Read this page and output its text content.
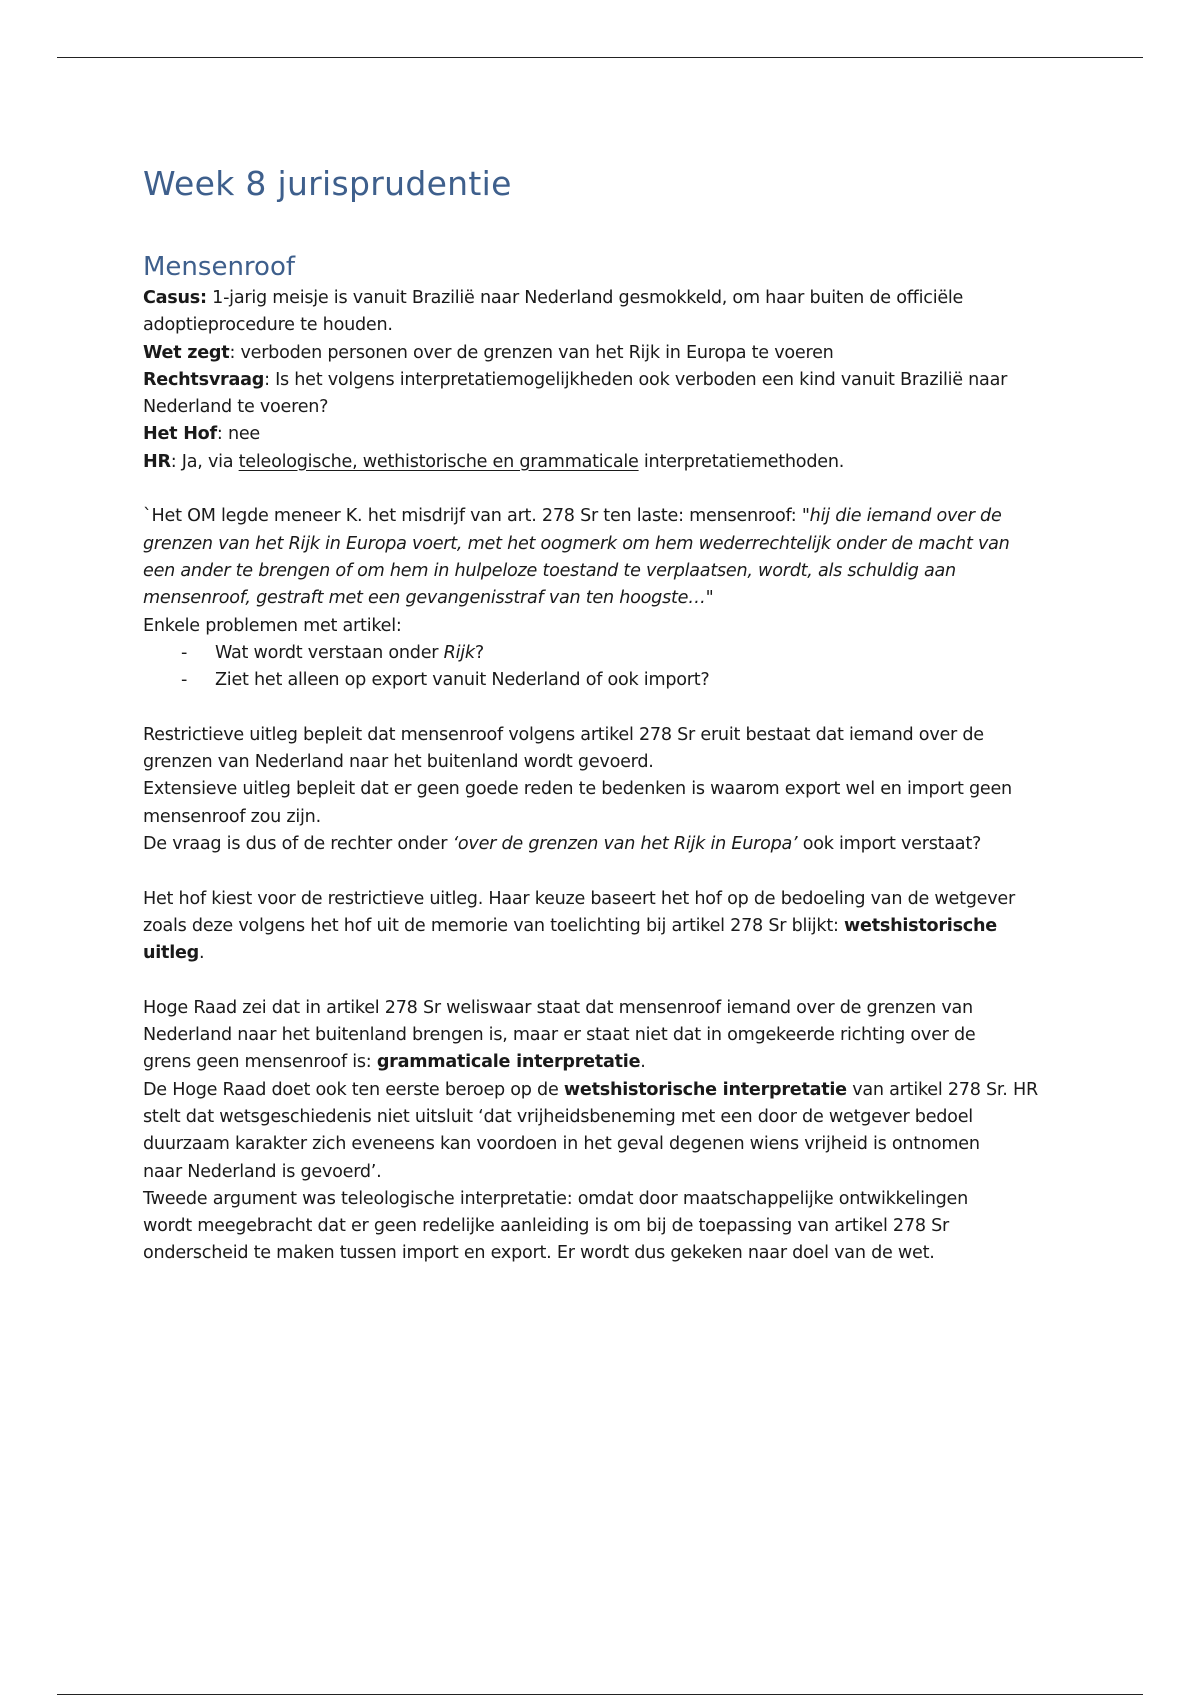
Week 8 jurisprudentie
Mensenroof

Casus: 1-jarig meisje is vanuit Brazilië naar Nederland gesmokkeld, om haar buiten de officiële

adoptieprocedure te houden.

Wet zegt: verboden personen over de grenzen van het Rijk in Europa te voeren

Rechtsvraag: Is het volgens interpretatiemogelijkheden ook verboden een kind vanuit Brazilië naar

Nederland te voeren?

Het Hof: nee

HR: Ja, via teleologische, wethistorische en grammaticale interpretatiemethoden.

`Het OM legde meneer K. het misdrijf van art. 278 Sr ten laste: mensenroof: "hij die iemand over de

grenzen van het Rijk in Europa voert, met het oogmerk om hem wederrechtelijk onder de macht van

een ander te brengen of om hem in hulpeloze toestand te verplaatsen, wordt, als schuldig aan

mensenroof, gestraft met een gevangenisstraf van ten hoogste…"

Enkele problemen met artikel:

- Wat wordt verstaan onder Rijk?
- Ziet het alleen op export vanuit Nederland of ook import?

Restrictieve uitleg bepleit dat mensenroof volgens artikel 278 Sr eruit bestaat dat iemand over de

grenzen van Nederland naar het buitenland wordt gevoerd.

Extensieve uitleg bepleit dat er geen goede reden te bedenken is waarom export wel en import geen

mensenroof zou zijn.

De vraag is dus of de rechter onder ‘over de grenzen van het Rijk in Europa’ ook import verstaat?

Het hof kiest voor de restrictieve uitleg. Haar keuze baseert het hof op de bedoeling van de wetgever

zoals deze volgens het hof uit de memorie van toelichting bij artikel 278 Sr blijkt: wetshistorische

uitleg.

Hoge Raad zei dat in artikel 278 Sr weliswaar staat dat mensenroof iemand over de grenzen van

Nederland naar het buitenland brengen is, maar er staat niet dat in omgekeerde richting over de

grens geen mensenroof is: grammaticale interpretatie.

De Hoge Raad doet ook ten eerste beroep op de wetshistorische interpretatie van artikel 278 Sr. HR

stelt dat wetsgeschiedenis niet uitsluit ‘dat vrijheidsbeneming met een door de wetgever bedoel

duurzaam karakter zich eveneens kan voordoen in het geval degenen wiens vrijheid is ontnomen

naar Nederland is gevoerd’.

Tweede argument was teleologische interpretatie: omdat door maatschappelijke ontwikkelingen

wordt meegebracht dat er geen redelijke aanleiding is om bij de toepassing van artikel 278 Sr

onderscheid te maken tussen import en export. Er wordt dus gekeken naar doel van de wet.
